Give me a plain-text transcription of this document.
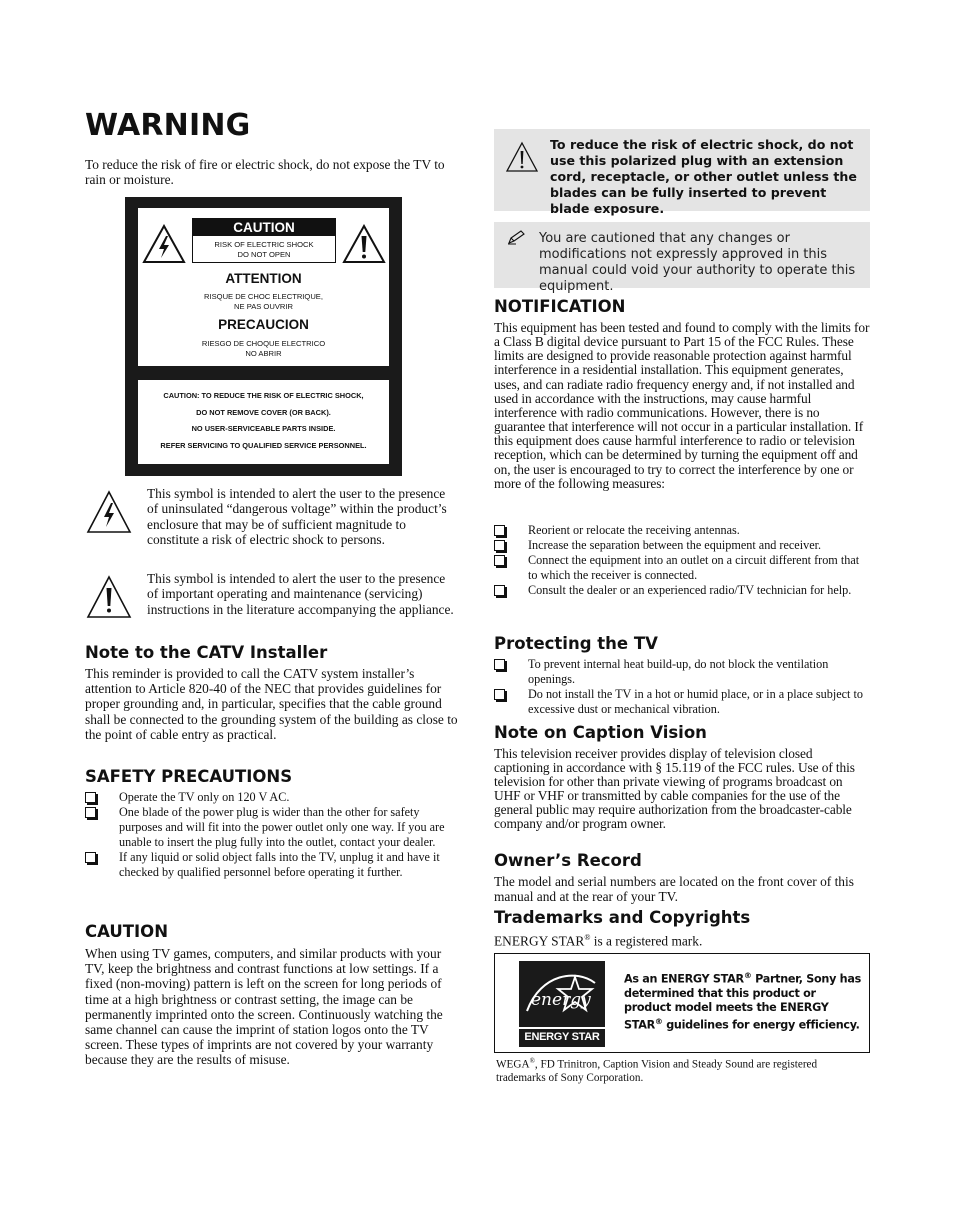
WARNING

To reduce the risk of fire or electric shock, do not expose the TV to rain or moisture.

CAUTION
RISK OF ELECTRIC SHOCK
DO NOT OPEN
ATTENTION
RISQUE DE CHOC ELECTRIQUE,
NE PAS OUVRIR
PRECAUCION
RIESGO DE CHOQUE ELECTRICO
NO ABRIR
CAUTION: TO REDUCE THE RISK OF ELECTRIC SHOCK,
DO NOT REMOVE COVER (OR BACK).
NO USER-SERVICEABLE PARTS INSIDE.
REFER SERVICING TO QUALIFIED SERVICE PERSONNEL.

This symbol is intended to alert the user to the presence of uninsulated “dangerous voltage” within the product’s enclosure that may be of sufficient magnitude to constitute a risk of electric shock to persons.

This symbol is intended to alert the user to the presence of important operating and maintenance (servicing) instructions in the literature accompanying the appliance.

Note to the CATV Installer

This reminder is provided to call the CATV system installer’s attention to Article 820-40 of the NEC that provides guidelines for proper grounding and, in particular, specifies that the cable ground shall be connected to the grounding system of the building as close to the point of cable entry as practical.

SAFETY PRECAUTIONS
Operate the TV only on 120 V AC.
One blade of the power plug is wider than the other for safety purposes and will fit into the power outlet only one way. If you are unable to insert the plug fully into the outlet, contact your dealer.
If any liquid or solid object falls into the TV, unplug it and have it checked by qualified personnel before operating it further.
CAUTION

When using TV games, computers, and similar products with your TV, keep the brightness and contrast functions at low settings. If a fixed (non-moving) pattern is left on the screen for long periods of time at a high brightness or contrast setting, the image can be permanently imprinted onto the screen. Continuously watching the same channel can cause the imprint of station logos onto the TV screen. These types of imprints are not covered by your warranty because they are the results of misuse.

To reduce the risk of electric shock, do not use this polarized plug with an extension cord, receptacle, or other outlet unless the blades can be fully inserted to prevent blade exposure.

You are cautioned that any changes or modifications not expressly approved in this manual could void your authority to operate this equipment.

NOTIFICATION

This equipment has been tested and found to comply with the limits for a Class B digital device pursuant to Part 15 of the FCC Rules. These limits are designed to provide reasonable protection against harmful interference in a residential installation. This equipment generates, uses, and can radiate radio frequency energy and, if not installed and used in accordance with the instructions, may cause harmful interference with radio communications. However, there is no guarantee that interference will not occur in a particular installation. If this equipment does cause harmful interference to radio or television reception, which can be determined by turning the equipment off and on, the user is encouraged to try to correct the interference by one or more of the following measures:

Reorient or relocate the receiving antennas.
Increase the separation between the equipment and receiver.
Connect the equipment into an outlet on a circuit different from that to which the receiver is connected.
Consult the dealer or an experienced radio/TV technician for help.
Protecting the TV
To prevent internal heat build-up, do not block the ventilation openings.
Do not install the TV in a hot or humid place, or in a place subject to excessive dust or mechanical vibration.
Note on Caption Vision

This television receiver provides display of television closed captioning in accordance with § 15.119 of the FCC rules. Use of this television for other than private viewing of programs broadcast on UHF or VHF or transmitted by cable companies for the use of the general public may require authorization from the broadcaster-cable company and/or program owner.

Owner’s Record

The model and serial numbers are located on the front cover of this manual and at the rear of your TV.

Trademarks and Copyrights

ENERGY STAR® is a registered mark.

energy
ENERGY STAR

As an ENERGY STAR® Partner, Sony has determined that this product or product model meets the ENERGY STAR® guidelines for energy efficiency.

WEGA®, FD Trinitron, Caption Vision and Steady Sound are registered trademarks of Sony Corporation.
